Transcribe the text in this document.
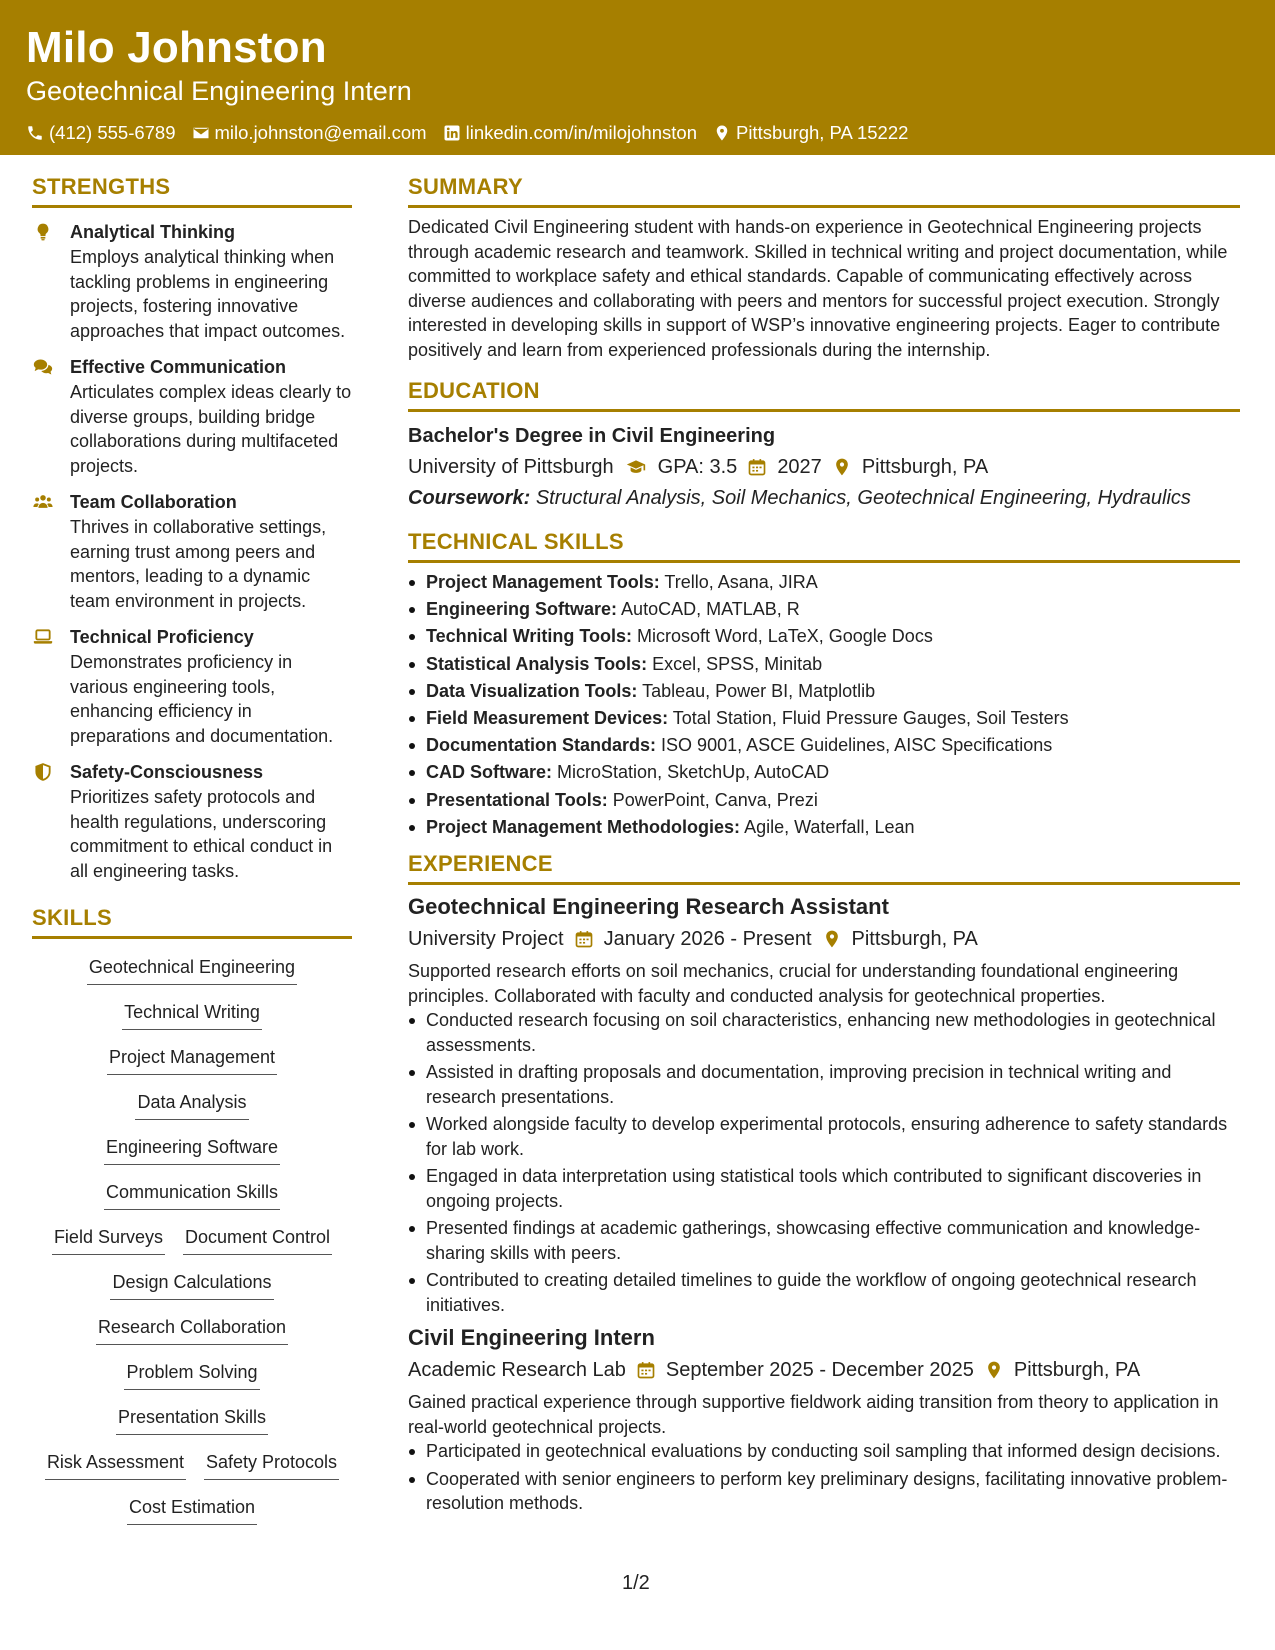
Milo Johnston
Geotechnical Engineering Intern
(412) 555-6789 milo.johnston@email.com linkedin.com/in/milojohnston Pittsburgh, PA 15222
STRENGTHS
Analytical Thinking
Employs analytical thinking when tackling problems in engineering projects, fostering innovative approaches that impact outcomes.
Effective Communication
Articulates complex ideas clearly to diverse groups, building bridge collaborations during multifaceted projects.
Team Collaboration
Thrives in collaborative settings, earning trust among peers and mentors, leading to a dynamic team environment in projects.
Technical Proficiency
Demonstrates proficiency in various engineering tools, enhancing efficiency in preparations and documentation.
Safety-Consciousness
Prioritizes safety protocols and health regulations, underscoring commitment to ethical conduct in all engineering tasks.
SKILLS
Geotechnical Engineering
Technical Writing
Project Management
Data Analysis
Engineering Software
Communication Skills
Field Surveys Document Control
Design Calculations
Research Collaboration
Problem Solving
Presentation Skills
Risk Assessment Safety Protocols
Cost Estimation
SUMMARY
Dedicated Civil Engineering student with hands-on experience in Geotechnical Engineering projects through academic research and teamwork. Skilled in technical writing and project documentation, while committed to workplace safety and ethical standards. Capable of communicating effectively across diverse audiences and collaborating with peers and mentors for successful project execution. Strongly interested in developing skills in support of WSP’s innovative engineering projects. Eager to contribute positively and learn from experienced professionals during the internship.
EDUCATION
Bachelor's Degree in Civil Engineering
University of Pittsburgh GPA: 3.5 2027 Pittsburgh, PA
Coursework: Structural Analysis, Soil Mechanics, Geotechnical Engineering, Hydraulics
TECHNICAL SKILLS
Project Management Tools: Trello, Asana, JIRA
Engineering Software: AutoCAD, MATLAB, R
Technical Writing Tools: Microsoft Word, LaTeX, Google Docs
Statistical Analysis Tools: Excel, SPSS, Minitab
Data Visualization Tools: Tableau, Power BI, Matplotlib
Field Measurement Devices: Total Station, Fluid Pressure Gauges, Soil Testers
Documentation Standards: ISO 9001, ASCE Guidelines, AISC Specifications
CAD Software: MicroStation, SketchUp, AutoCAD
Presentational Tools: PowerPoint, Canva, Prezi
Project Management Methodologies: Agile, Waterfall, Lean
EXPERIENCE
Geotechnical Engineering Research Assistant
University Project January 2026 - Present Pittsburgh, PA
Supported research efforts on soil mechanics, crucial for understanding foundational engineering principles. Collaborated with faculty and conducted analysis for geotechnical properties.
Conducted research focusing on soil characteristics, enhancing new methodologies in geotechnical assessments.
Assisted in drafting proposals and documentation, improving precision in technical writing and research presentations.
Worked alongside faculty to develop experimental protocols, ensuring adherence to safety standards for lab work.
Engaged in data interpretation using statistical tools which contributed to significant discoveries in ongoing projects.
Presented findings at academic gatherings, showcasing effective communication and knowledge-sharing skills with peers.
Contributed to creating detailed timelines to guide the workflow of ongoing geotechnical research initiatives.
Civil Engineering Intern
Academic Research Lab September 2025 - December 2025 Pittsburgh, PA
Gained practical experience through supportive fieldwork aiding transition from theory to application in real-world geotechnical projects.
Participated in geotechnical evaluations by conducting soil sampling that informed design decisions.
Cooperated with senior engineers to perform key preliminary designs, facilitating innovative problem-resolution methods.
1/2
